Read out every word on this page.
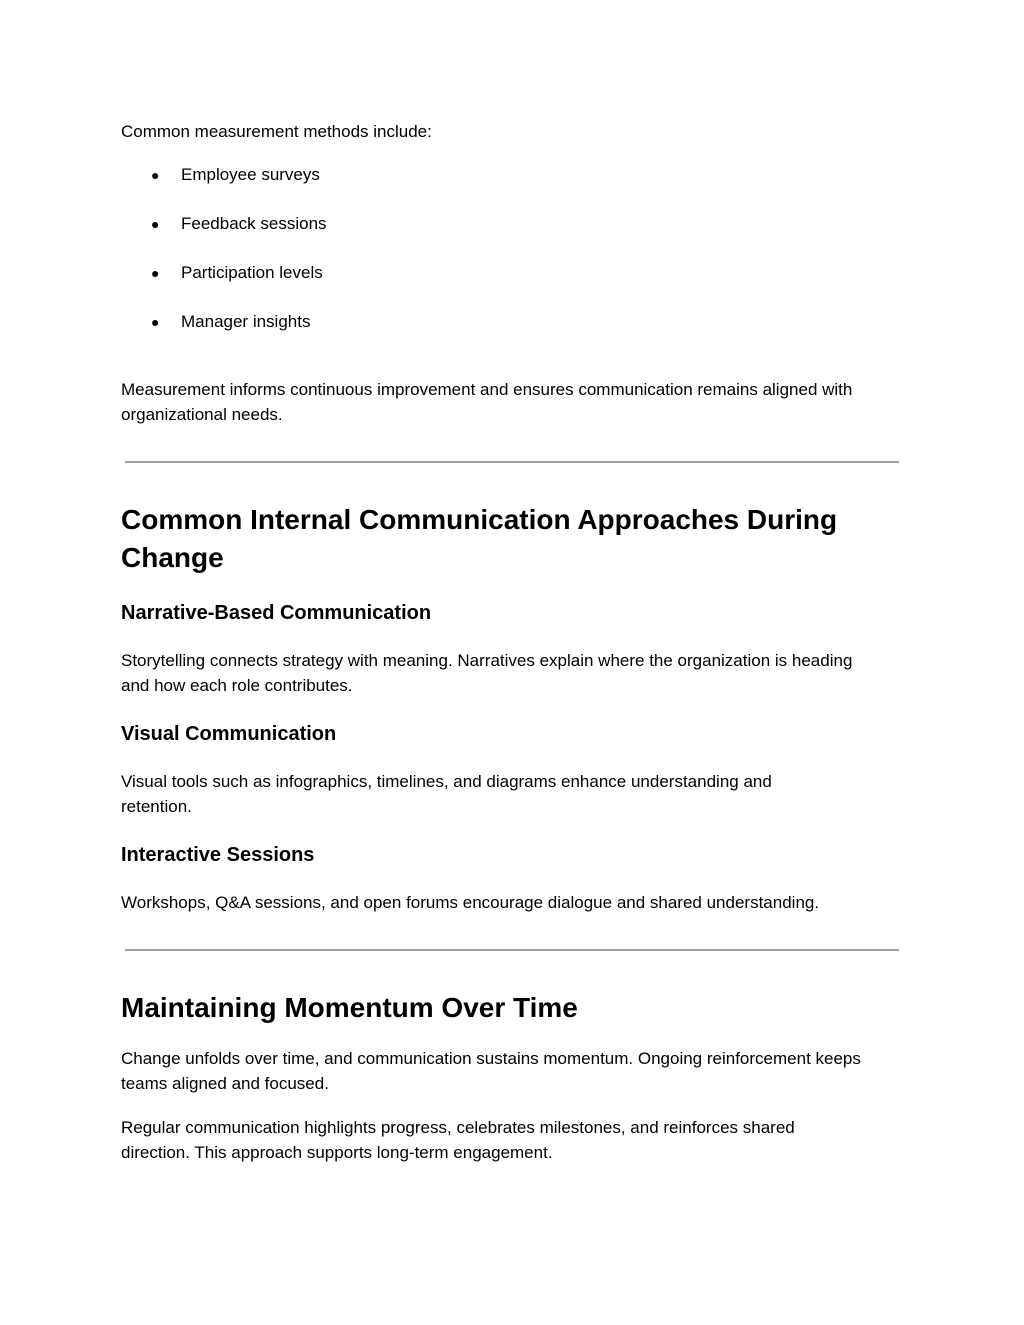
Common measurement methods include:

● Employee surveys
● Feedback sessions
● Participation levels
● Manager insights

Measurement informs continuous improvement and ensures communication remains aligned with organizational needs.

Common Internal Communication Approaches During Change
Narrative-Based Communication

Storytelling connects strategy with meaning. Narratives explain where the organization is heading and how each role contributes.

Visual Communication

Visual tools such as infographics, timelines, and diagrams enhance understanding and retention.

Interactive Sessions

Workshops, Q&A sessions, and open forums encourage dialogue and shared understanding.

Maintaining Momentum Over Time

Change unfolds over time, and communication sustains momentum. Ongoing reinforcement keeps teams aligned and focused.

Regular communication highlights progress, celebrates milestones, and reinforces shared direction. This approach supports long-term engagement.
